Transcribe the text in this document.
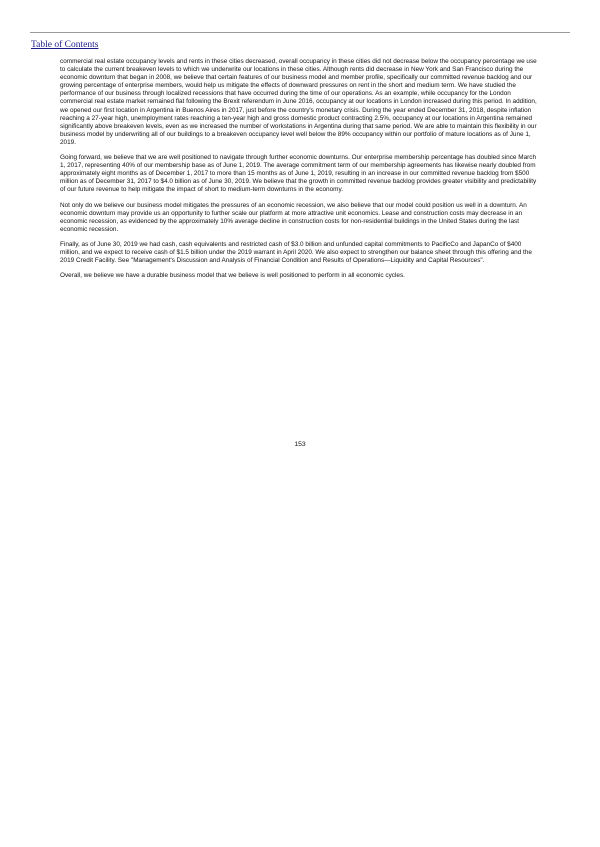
Table of Contents

commercial real estate occupancy levels and rents in these cities decreased, overall occupancy in these cities did not decrease below the occupancy percentage we use to calculate the current breakeven levels to which we underwrite our locations in these cities. Although rents did decrease in New York and San Francisco during the economic downturn that began in 2008, we believe that certain features of our business model and member profile, specifically our committed revenue backlog and our growing percentage of enterprise members, would help us mitigate the effects of downward pressures on rent in the short and medium term. We have studied the performance of our business through localized recessions that have occurred during the time of our operations. As an example, while occupancy for the London commercial real estate market remained flat following the Brexit referendum in June 2016, occupancy at our locations in London increased during this period. In addition, we opened our first location in Argentina in Buenos Aires in 2017, just before the country's monetary crisis. During the year ended December 31, 2018, despite inflation reaching a 27-year high, unemployment rates reaching a ten-year high and gross domestic product contracting 2.5%, occupancy at our locations in Argentina remained significantly above breakeven levels, even as we increased the number of workstations in Argentina during that same period. We are able to maintain this flexibility in our business model by underwriting all of our buildings to a breakeven occupancy level well below the 89% occupancy within our portfolio of mature locations as of June 1, 2019.

Going forward, we believe that we are well positioned to navigate through further economic downturns. Our enterprise membership percentage has doubled since March 1, 2017, representing 40% of our membership base as of June 1, 2019. The average commitment term of our membership agreements has likewise nearly doubled from approximately eight months as of December 1, 2017 to more than 15 months as of June 1, 2019, resulting in an increase in our committed revenue backlog from $500 million as of December 31, 2017 to $4.0 billion as of June 30, 2019. We believe that the growth in committed revenue backlog provides greater visibility and predictability of our future revenue to help mitigate the impact of short to medium-term downturns in the economy.

Not only do we believe our business model mitigates the pressures of an economic recession, we also believe that our model could position us well in a downturn. An economic downturn may provide us an opportunity to further scale our platform at more attractive unit economics. Lease and construction costs may decrease in an economic recession, as evidenced by the approximately 10% average decline in construction costs for non-residential buildings in the United States during the last economic recession.

Finally, as of June 30, 2019 we had cash, cash equivalents and restricted cash of $3.0 billion and unfunded capital commitments to PacificCo and JapanCo of $400 million, and we expect to receive cash of $1.5 billion under the 2019 warrant in April 2020. We also expect to strengthen our balance sheet through this offering and the 2019 Credit Facility. See "Management's Discussion and Analysis of Financial Condition and Results of Operations—Liquidity and Capital Resources".

Overall, we believe we have a durable business model that we believe is well positioned to perform in all economic cycles.

153
